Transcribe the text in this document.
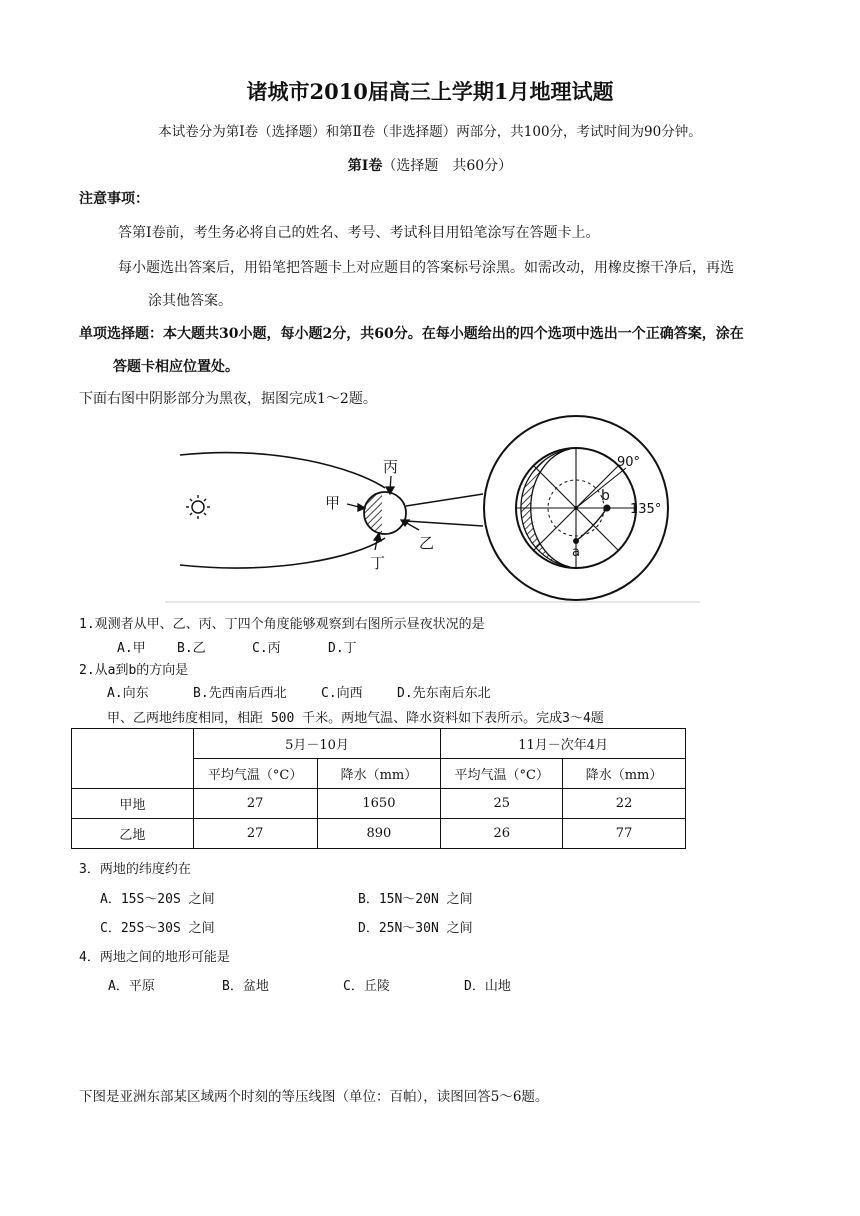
诸城市2010届高三上学期1月地理试题
本试卷分为第Ⅰ卷（选择题）和第Ⅱ卷（非选择题）两部分，共100分，考试时间为90分钟。
第Ⅰ卷（选择题　共60分）
注意事项：
答第Ⅰ卷前，考生务必将自己的姓名、考号、考试科目用铅笔涂写在答题卡上。
每小题选出答案后，用铅笔把答题卡上对应题目的答案标号涂黑。如需改动，用橡皮擦干净后，再选
涂其他答案。
单项选择题：本大题共30小题，每小题2分，共60分。在每小题给出的四个选项中选出一个正确答案，涂在
答题卡相应位置处。
下面右图中阴影部分为黑夜，据图完成1～2题。
甲
丙
乙
丁
a
b
90°
135°
1.观测者从甲、乙、丙、丁四个角度能够观察到右图所示昼夜状况的是
A.甲 B.乙	C.丙	D.丁
2.从a到b的方向是
A.向东	B.先西南后西北	C.向西	D.先东南后东北
甲、乙两地纬度相同，相距 500 千米。两地气温、降水资料如下表所示。完成3～4题
	5月－10月		11月－次年4月	
	平均气温（°C）	降水（mm）	平均气温（°C）	降水（mm）
甲地	27	1650	25	22
乙地	27	890	26	77
3．两地的纬度约在
A．15S～20S 之间	B．15N～20N 之间
C．25S～30S 之间	D．25N～30N 之间
4．两地之间的地形可能是
A．平原	B．盆地	C．丘陵	D．山地
下图是亚洲东部某区域两个时刻的等压线图（单位：百帕），读图回答5～6题。
